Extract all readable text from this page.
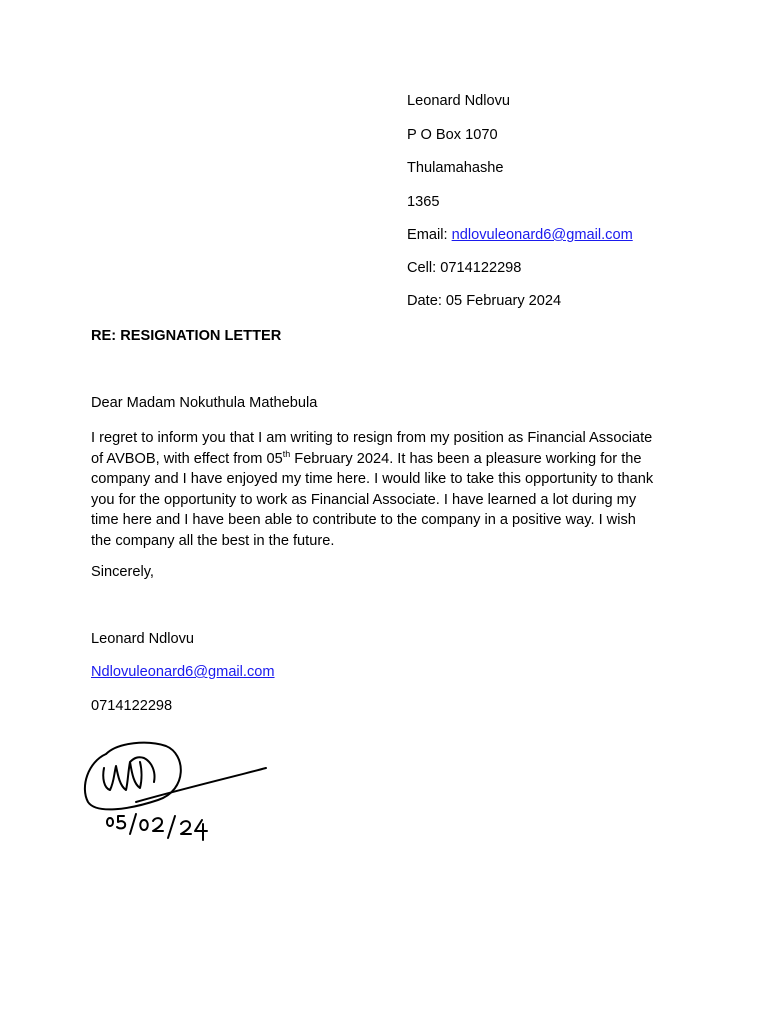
Leonard Ndlovu
P O Box 1070
Thulamahashe
1365
Email: ndlovuleonard6@gmail.com
Cell: 0714122298
Date: 05 February 2024
RE: RESIGNATION LETTER
Dear Madam Nokuthula Mathebula
I regret to inform you that I am writing to resign from my position as Financial Associate
of AVBOB, with effect from 05th February 2024. It has been a pleasure working for the
company and I have enjoyed my time here. I would like to take this opportunity to thank
you for the opportunity to work as Financial Associate. I have learned a lot during my
time here and I have been able to contribute to the company in a positive way. I wish
the company all the best in the future.
Sincerely,
Leonard Ndlovu
Ndlovuleonard6@gmail.com
0714122298
